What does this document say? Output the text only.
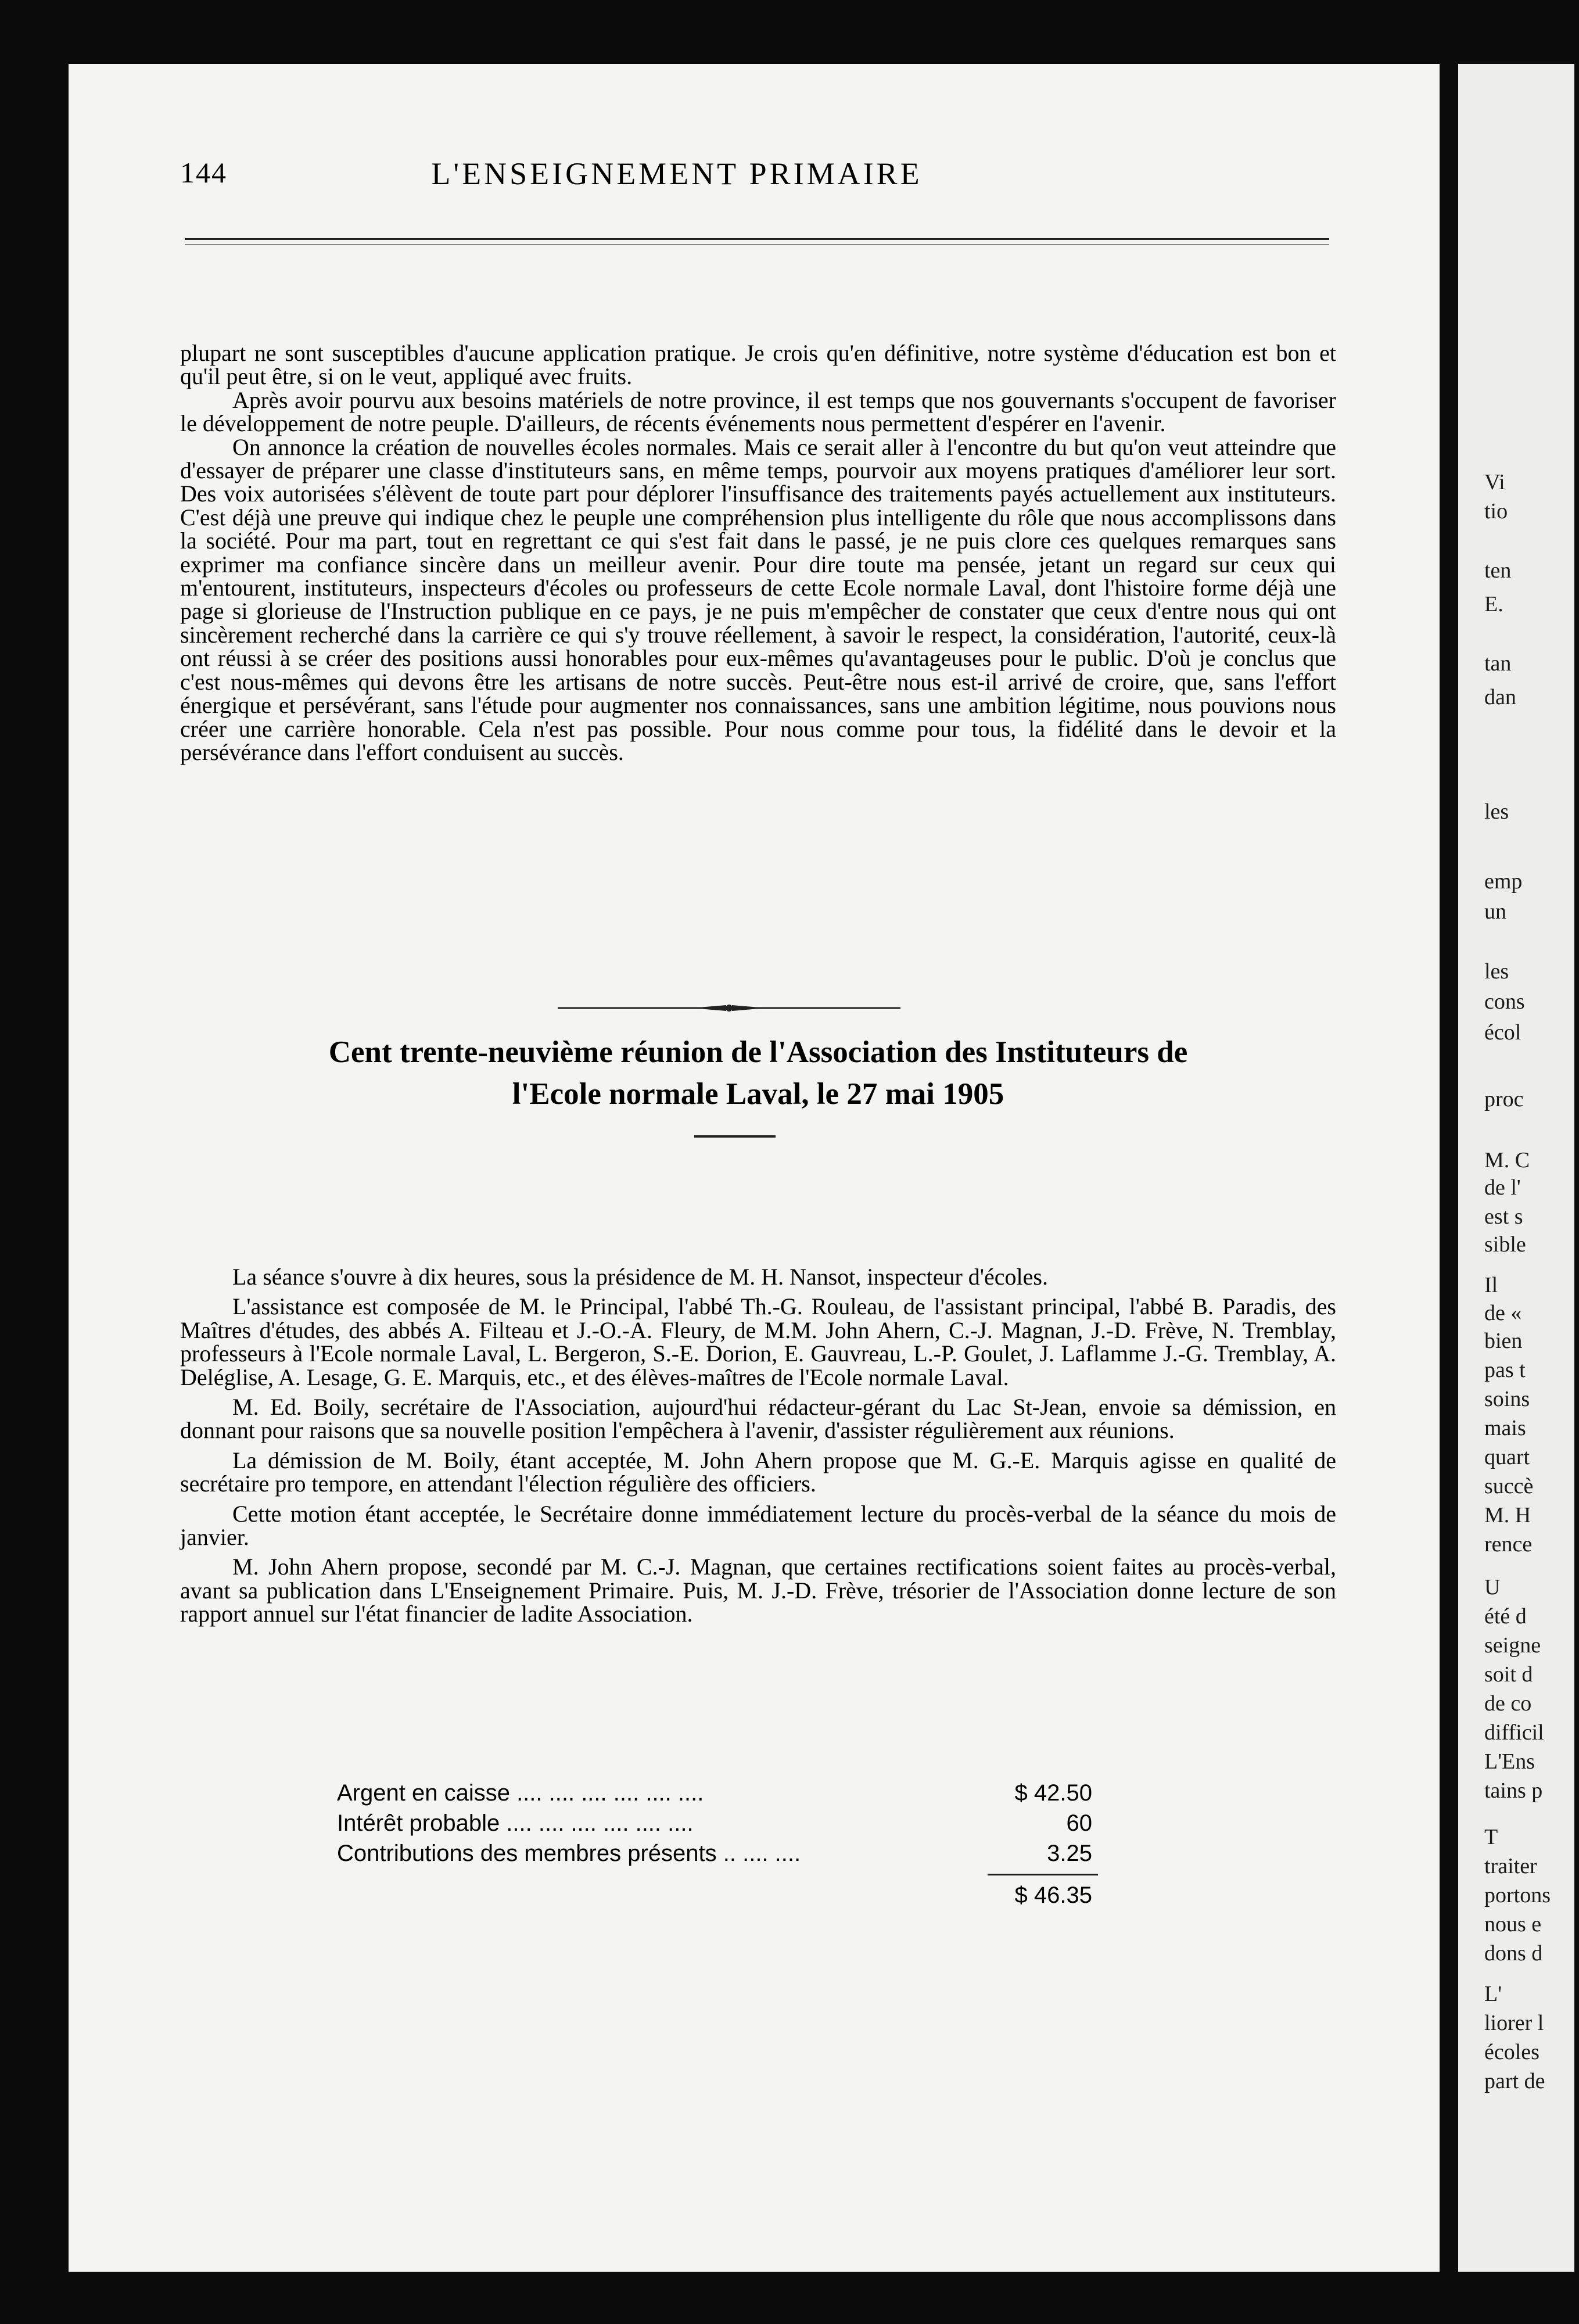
144	L'ENSEIGNEMENT PRIMAIRE

plupart ne sont susceptibles d'aucune application pratique. Je crois qu'en définitive, notre système d'éducation est bon et qu'il peut être, si on le veut, appliqué avec fruits.

Après avoir pourvu aux besoins matériels de notre province, il est temps que nos gouvernants s'occupent de favoriser le développement de notre peuple. D'ailleurs, de récents événements nous permettent d'espérer en l'avenir.

On annonce la création de nouvelles écoles normales. Mais ce serait aller à l'encontre du but qu'on veut atteindre que d'essayer de préparer une classe d'instituteurs sans, en même temps, pourvoir aux moyens pratiques d'améliorer leur sort. Des voix autorisées s'élèvent de toute part pour déplorer l'insuffisance des traitements payés actuellement aux instituteurs. C'est déjà une preuve qui indique chez le peuple une compréhension plus intelligente du rôle que nous accomplissons dans la société. Pour ma part, tout en regrettant ce qui s'est fait dans le passé, je ne puis clore ces quelques remarques sans exprimer ma confiance sincère dans un meilleur avenir. Pour dire toute ma pensée, jetant un regard sur ceux qui m'entourent, instituteurs, inspecteurs d'écoles ou professeurs de cette Ecole normale Laval, dont l'histoire forme déjà une page si glorieuse de l'Instruction publique en ce pays, je ne puis m'empêcher de constater que ceux d'entre nous qui ont sincèrement recherché dans la carrière ce qui s'y trouve réellement, à savoir le respect, la considération, l'autorité, ceux-là ont réussi à se créer des positions aussi honorables pour eux-mêmes qu'avantageuses pour le public. D'où je conclus que c'est nous-mêmes qui devons être les artisans de notre succès. Peut-être nous est-il arrivé de croire, que, sans l'effort énergique et persévérant, sans l'étude pour augmenter nos connaissances, sans une ambition légitime, nous pouvions nous créer une carrière honorable. Cela n'est pas possible. Pour nous comme pour tous, la fidélité dans le devoir et la persévérance dans l'effort conduisent au succès.

Cent trente-neuvième réunion de l'Association des Instituteurs de
l'Ecole normale Laval, le 27 mai 1905

La séance s'ouvre à dix heures, sous la présidence de M. H. Nansot, inspecteur d'écoles.

L'assistance est composée de M. le Principal, l'abbé Th.-G. Rouleau, de l'assistant principal, l'abbé B. Paradis, des Maîtres d'études, des abbés A. Filteau et J.-O.-A. Fleury, de M.M. John Ahern, C.-J. Magnan, J.-D. Frève, N. Tremblay, professeurs à l'Ecole normale Laval, L. Bergeron, S.-E. Dorion, E. Gauvreau, L.-P. Goulet, J. Laflamme J.-G. Tremblay, A. Deléglise, A. Lesage, G. E. Marquis, etc., et des élèves-maîtres de l'Ecole normale Laval.

M. Ed. Boily, secrétaire de l'Association, aujourd'hui rédacteur-gérant du Lac St-Jean, envoie sa démission, en donnant pour raisons que sa nouvelle position l'empêchera à l'avenir, d'assister régulièrement aux réunions.

La démission de M. Boily, étant acceptée, M. John Ahern propose que M. G.-E. Marquis agisse en qualité de secrétaire pro tempore, en attendant l'élection régulière des officiers.

Cette motion étant acceptée, le Secrétaire donne immédiatement lecture du procès-verbal de la séance du mois de janvier.

M. John Ahern propose, secondé par M. C.-J. Magnan, que certaines rectifications soient faites au procès-verbal, avant sa publication dans L'Enseignement Primaire. Puis, M. J.-D. Frève, trésorier de l'Association donne lecture de son rapport annuel sur l'état financier de ladite Association.

Argent en caisse .... .... .... .... .... ....	$ 42.50
Intérêt probable .... .... .... .... .... ....	60
Contributions des membres présents .. .... ....	3.25
$ 46.35
Vi
tio
ten
E.
tan
dan
les
emp
un
les
cons
écol
proc
M. C
de l'
est s
sible
Il
de «
bien
pas t
soins
mais
quart
succè
M. H
rence
U
été d
seigne
soit d
de co
difficil
L'Ens
tains p
T
traiter
portons
nous e
dons d
L'
liorer l
écoles
part de
